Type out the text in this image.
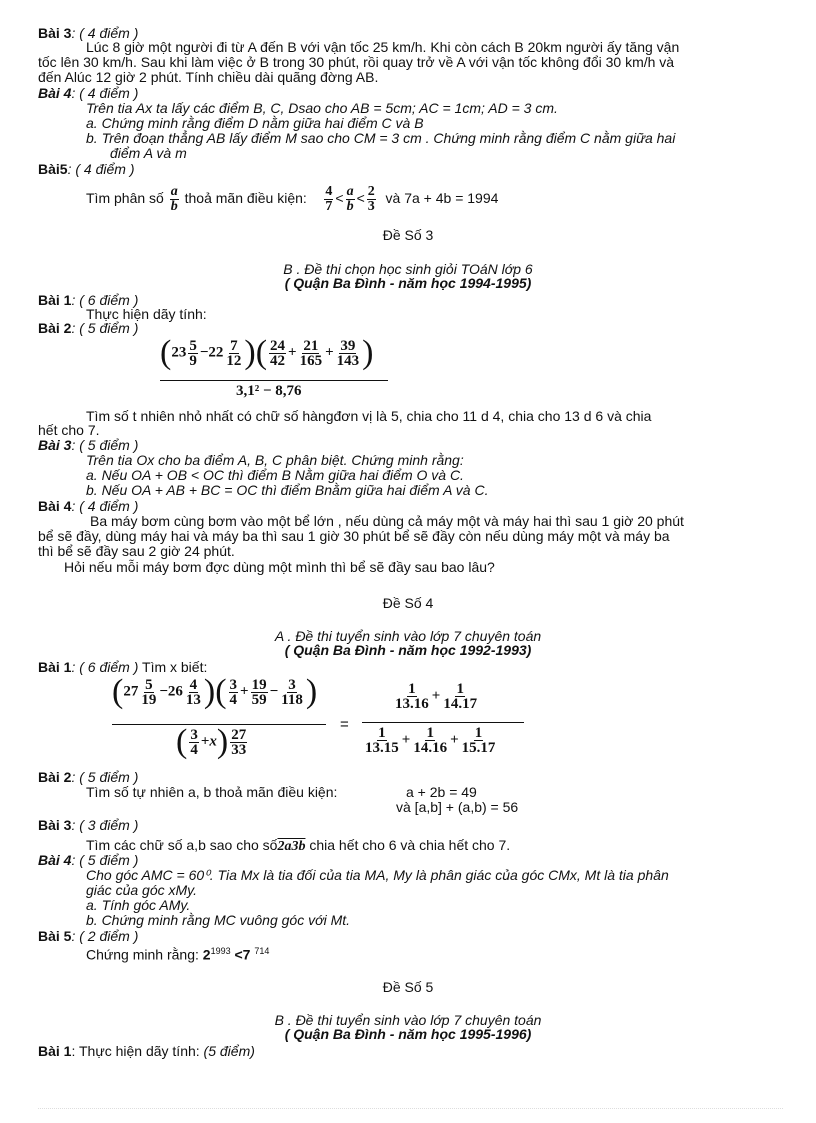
Bài 3: ( 4 điểm )
Lúc 8 giờ một người đi từ A đến B với vận tốc 25 km/h. Khi còn cách B 20km người ấy tăng vận
tốc lên 30 km/h. Sau khi làm việc ở B trong 30 phút, rồi quay trở về A với vận tốc không đổi 30 km/h và
đến Alúc 12 giờ 2 phút. Tính chiều dài quãng đờng AB.
Bài 4: ( 4 điểm )
Trên tia Ax ta lấy các điểm B, C, Dsao cho AB = 5cm; AC = 1cm; AD = 3 cm.
a. Chứng minh rằng điểm D nằm giữa hai điểm C và B
b. Trên đoạn thẳng AB lấy điểm M sao cho CM = 3 cm . Chứng minh rằng điểm C nằm giữa hai
điểm A và m
Bài5: ( 4 điểm )
Tìm phân số $\frac{a}{b}$ thoả mãn điều kiện: $\frac{4}{7} < \frac{a}{b} < \frac{2}{3}$ và 7a + 4b = 1994
Đề Số 3
B . Đề thi chọn học sinh giỏi TOáN lớp 6
( Quận Ba Đình - năm học 1994-1995)
Bài 1: ( 6 điểm )
Thực hiện dãy tính:
Bài 2: ( 5 điểm )
($23 \frac{5}{9} -22 \frac{7}{12}$ )( $\frac{24}{42} + \frac{21}{165} + \frac{39}{143}$ )
3,1² − 8,76
Tìm số t nhiên nhỏ nhất có chữ số hàngđơn vị là 5, chia cho 11 d 4, chia cho 13 d 6 và chia
hết cho 7.
Bài 3: ( 5 điểm )
Trên tia Ox cho ba điểm A, B, C phân biệt. Chứng minh rằng:
a. Nếu OA + OB < OC thì điểm B Nằm giữa hai điểm O và C.
b. Nếu OA + AB + BC = OC thì điểm Bnằm giữa hai điểm A và C.
Bài 4: ( 4 điểm )
Ba máy bơm cùng bơm vào một bể lớn , nếu dùng cả máy một và máy hai thì sau 1 giờ 20 phút
bể sẽ đầy, dùng máy hai và máy ba thì sau 1 giờ 30 phút bể sẽ đầy còn nếu dùng máy một và máy ba
thì bể sẽ đầy sau 2 giờ 24 phút.
Hỏi nếu mỗi máy bơm đợc dùng một mình thì bể sẽ đầy sau bao lâu?
Đề Số 4
A . Đề thi tuyển sinh vào lớp 7 chuyên toán
( Quận Ba Đình - năm học 1992-1993)
Bài 1: ( 6 điểm ) Tìm x biết:
($27 \frac{5}{19} -26 \frac{4}{13}$ )( $\frac{3}{4} + \frac{19}{59} - \frac{3}{118}$ )
( $\frac{3}{4} +x) \frac{27}{33}$
=
$\frac{1}{13.16} + \frac{1}{14.17}$
$\frac{1}{13.15} + \frac{1}{14.16} + \frac{1}{15.17}$
Bài 2: ( 5 điểm )
Tìm số tự nhiên a, b thoả mãn điều kiện:	a + 2b = 49
và [a,b] + (a,b) = 56
Bài 3: ( 3 điểm )
Tìm các chữ số a,b sao cho số2a3b chia hết cho 6 và chia hết cho 7.
Bài 4: ( 5 điểm )
Cho góc AMC = 60⁰. Tia Mx là tia đối của tia MA, My là phân giác của góc CMx, Mt là tia phân
giác của góc xMy.
a. Tính góc AMy.
b. Chứng minh rằng MC vuông góc với Mt.
Bài 5: ( 2 điểm )
Chứng minh rằng: $2^{1993} <7$ $^{714}$
Đề Số 5
B . Đề thi tuyển sinh vào lớp 7 chuyên toán
( Quận Ba Đình - năm học 1995-1996)
Bài 1: Thực hiện dãy tính: (5 điểm)
